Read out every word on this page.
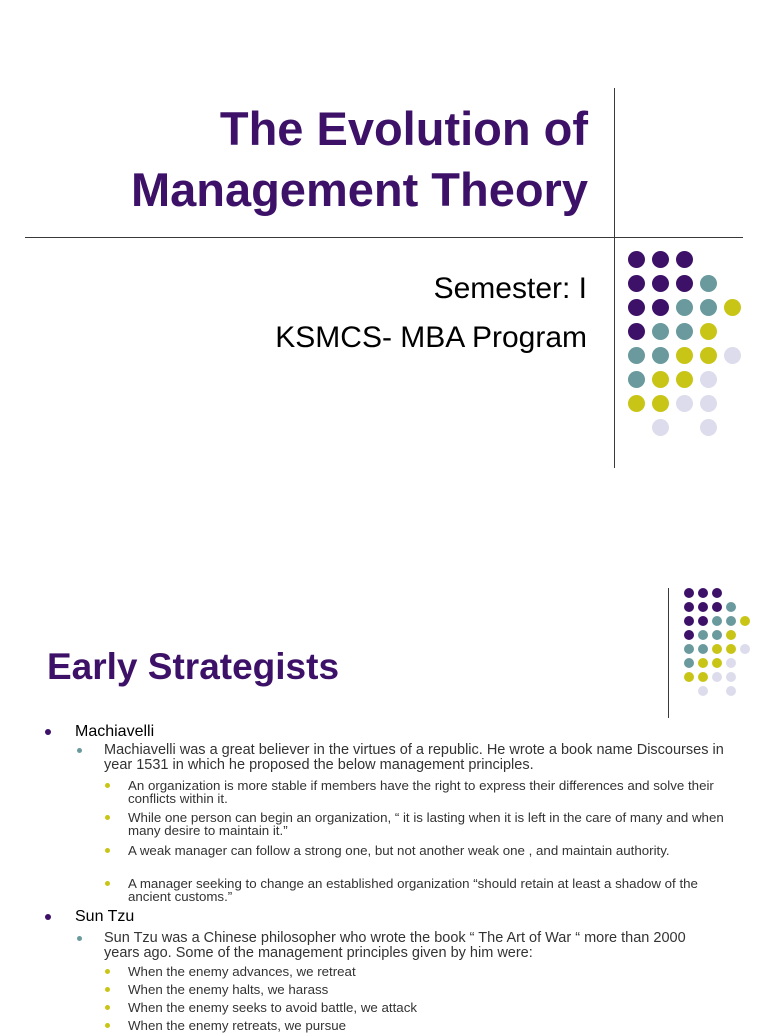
The Evolution of
Management Theory
Semester: I
KSMCS- MBA Program
Early Strategists
Machiavelli
Machiavelli was a great believer in the virtues of a republic. He wrote a book name Discourses in year 1531 in which he proposed the below management principles.
An organization is more stable if members have the right to express their differences and solve their conflicts within it.
While one person can begin an organization, “ it is lasting when it is left in the care of many and when many desire to maintain it.”
A weak manager can follow a strong one, but not another weak one , and maintain authority.
A manager seeking to change an established organization “should retain at least a shadow of the ancient customs.”
Sun Tzu
Sun Tzu was a Chinese philosopher who wrote the book “ The Art of War “ more than 2000 years ago. Some of the management principles given by him were:
When the enemy advances, we retreat
When the enemy halts, we harass
When the enemy seeks to avoid battle, we attack
When the enemy retreats, we pursue
